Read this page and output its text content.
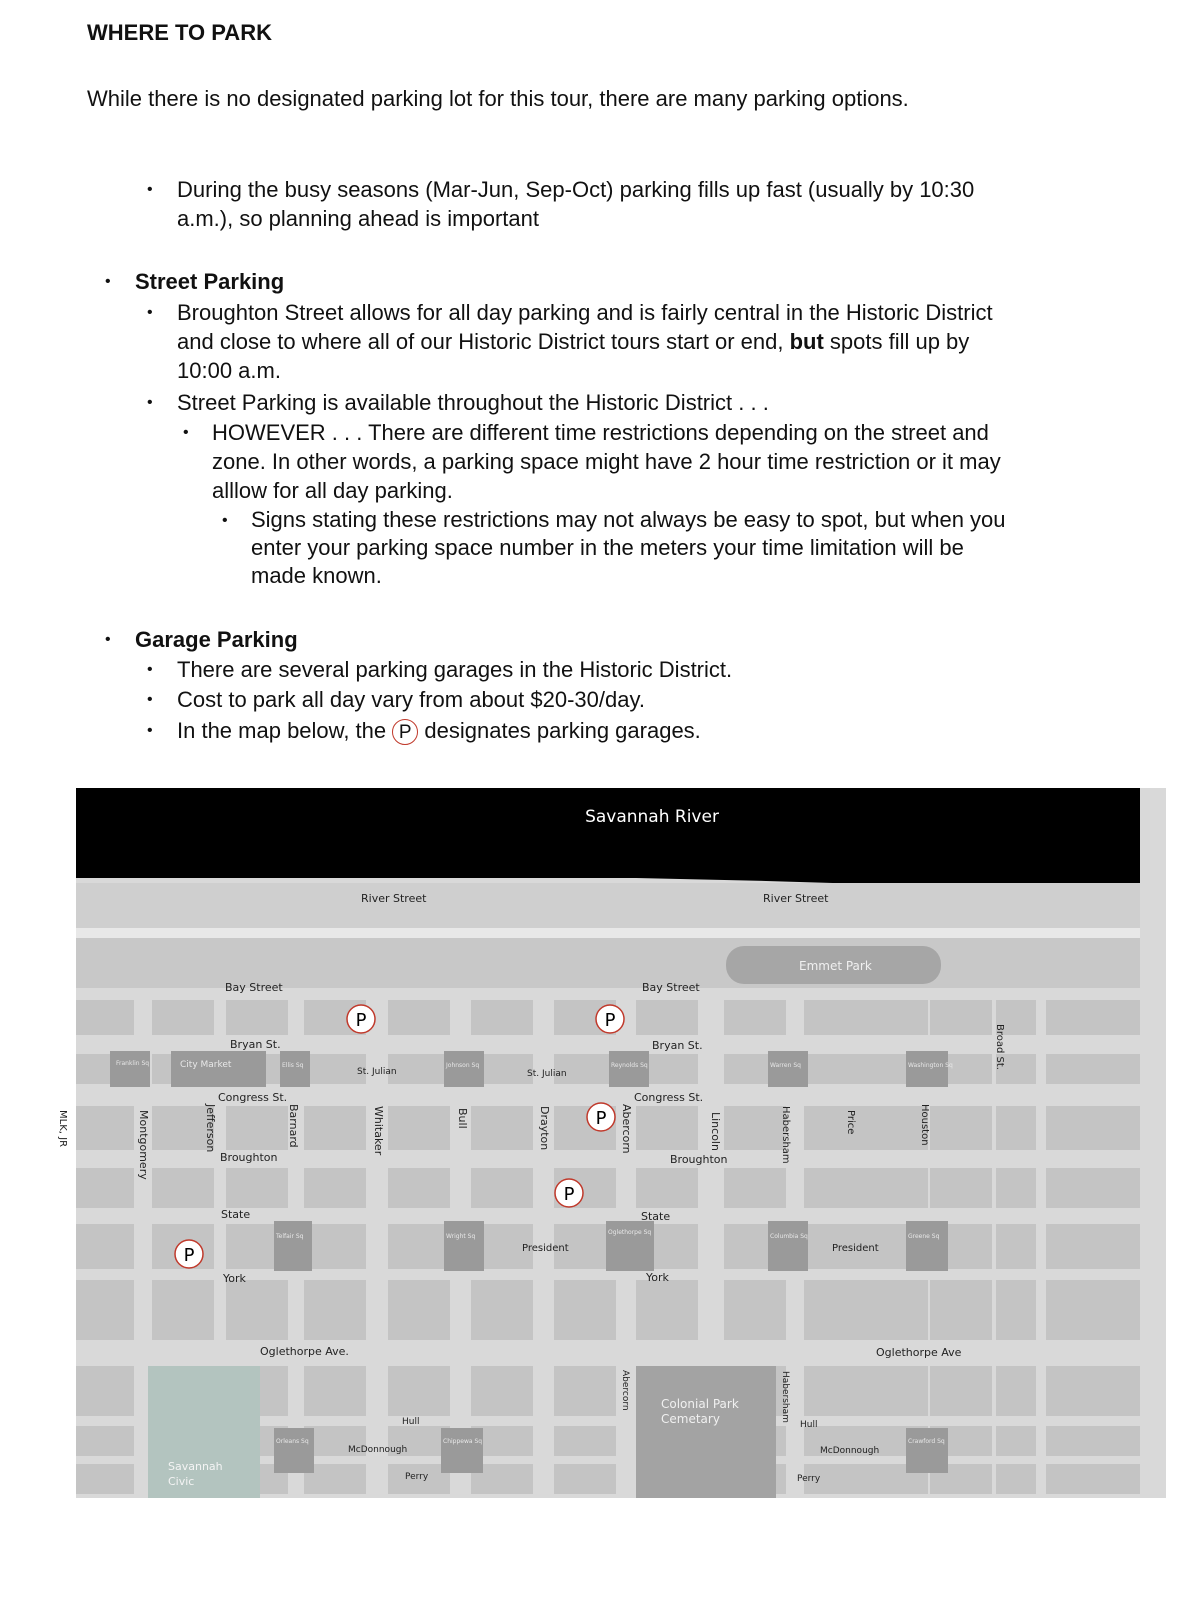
WHERE TO PARK

While there is no designated parking lot for this tour, there are many parking options.

• During the busy seasons (Mar-Jun, Sep-Oct) parking fills up fast (usually by 10:30
a.m.), so planning ahead is important
• Street Parking
• Broughton Street allows for all day parking and is fairly central in the Historic District
and close to where all of our Historic District tours start or end, but spots fill up by
10:00 a.m.
• Street Parking is available throughout the Historic District . . .
• HOWEVER . . . There are different time restrictions depending on the street and
zone. In other words, a parking space might have 2 hour time restriction or it may
alllow for all day parking.
• Signs stating these restrictions may not always be easy to spot, but when you
enter your parking space number in the meters your time limitation will be
made known.
• Garage Parking
• There are several parking garages in the Historic District.
• Cost to park all day vary from about $20-30/day.
• In the map below, the P designates parking garages.
Savannah River
Emmet Park
Savannah
Civic
Colonial Park
Cemetary
Franklin Sq	City Market	Ellis Sq	Johnson Sq	Reynolds Sq	Warren Sq	Washington Sq
Telfair Sq	Wright Sq
Oglethorpe Sq
Columbia Sq	Greene Sq
Orleans Sq	Chippewa Sq	Crawford Sq
River Street	River Street
Bay Street	Bay Street
Bryan St.	Bryan St.
St. Julian	St. Julian
Congress St.	Congress St.
Broughton	Broughton
State	State
President	President
York	York
Oglethorpe Ave.	Oglethorpe Ave
Hull	Hull
McDonnough	McDonnough
Perry	Perry
MLK, JR	Montgomery	Jefferson	Barnard	Whitaker	Bull	Drayton	Abercorn
Abercorn
Lincoln	Habersham
Habersham
Price	Houston
Broad St.
P	P
P
P
P
